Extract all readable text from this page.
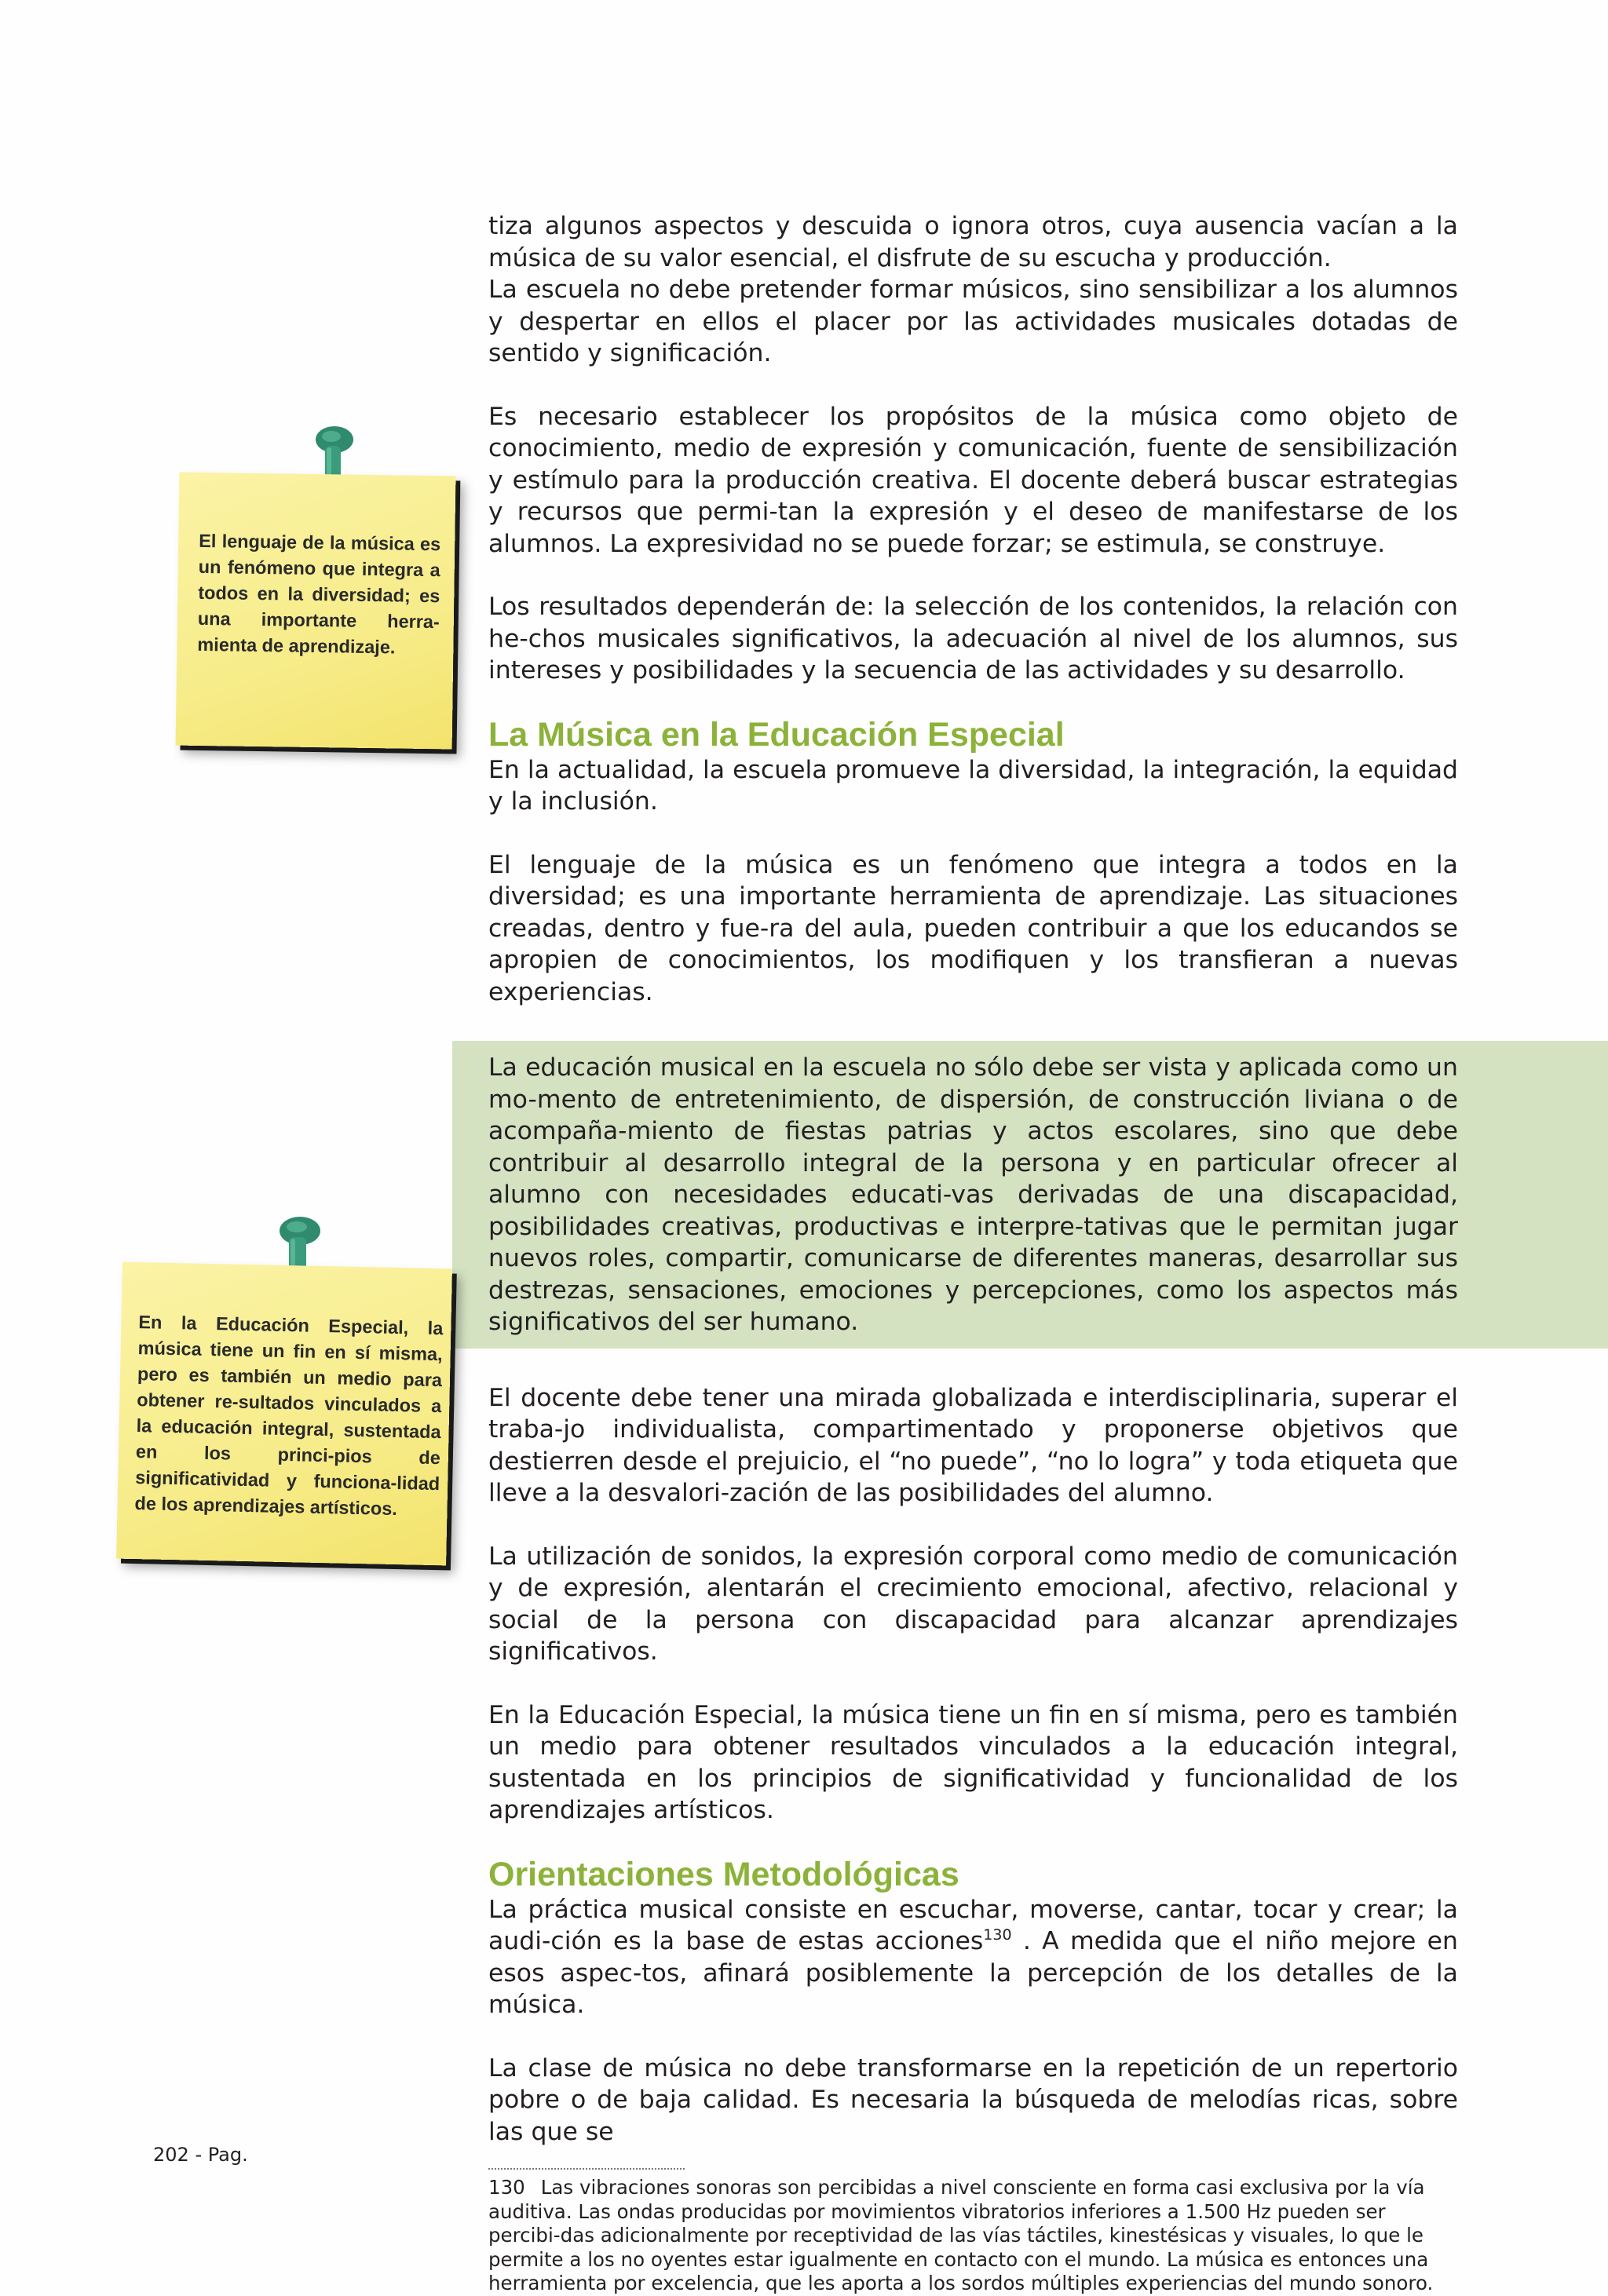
El lenguaje de la música es un fenómeno que integra a todos en la diversidad; es una importante herra-mienta de aprendizaje.
En la Educación Especial, la música tiene un fin en sí misma, pero es también un medio para obtener re-sultados vinculados a la educación integral, sustentada en los princi-pios de significatividad y funciona-lidad de los aprendizajes artísticos.

tiza algunos aspectos y descuida o ignora otros, cuya ausencia vacían a la música de su valor esencial, el disfrute de su escucha y producción.

La escuela no debe pretender formar músicos, sino sensibilizar a los alumnos y despertar en ellos el placer por las actividades musicales dotadas de sentido y significación.

Es necesario establecer los propósitos de la música como objeto de conocimiento, medio de expresión y comunicación, fuente de sensibilización y estímulo para la producción creativa. El docente deberá buscar estrategias y recursos que permi-tan la expresión y el deseo de manifestarse de los alumnos. La expresividad no se puede forzar; se estimula, se construye.

Los resultados dependerán de: la selección de los contenidos, la relación con he-chos musicales significativos, la adecuación al nivel de los alumnos, sus intereses y posibilidades y la secuencia de las actividades y su desarrollo.

La Música en la Educación Especial

En la actualidad, la escuela promueve la diversidad, la integración, la equidad y la inclusión.

El lenguaje de la música es un fenómeno que integra a todos en la diversidad; es una importante herramienta de aprendizaje. Las situaciones creadas, dentro y fue-ra del aula, pueden contribuir a que los educandos se apropien de conocimientos, los modifiquen y los transfieran a nuevas experiencias.

La educación musical en la escuela no sólo debe ser vista y aplicada como un mo-mento de entretenimiento, de dispersión, de construcción liviana o de acompaña-miento de fiestas patrias y actos escolares, sino que debe contribuir al desarrollo integral de la persona y en particular ofrecer al alumno con necesidades educati-vas derivadas de una discapacidad, posibilidades creativas, productivas e interpre-tativas que le permitan jugar nuevos roles, compartir, comunicarse de diferentes maneras, desarrollar sus destrezas, sensaciones, emociones y percepciones, como los aspectos más significativos del ser humano.

El docente debe tener una mirada globalizada e interdisciplinaria, superar el traba-jo individualista, compartimentado y proponerse objetivos que destierren desde el prejuicio, el “no puede”, “no lo logra” y toda etiqueta que lleve a la desvalori-zación de las posibilidades del alumno.

La utilización de sonidos, la expresión corporal como medio de comunicación y de expresión, alentarán el crecimiento emocional, afectivo, relacional y social de la persona con discapacidad para alcanzar aprendizajes significativos.

En la Educación Especial, la música tiene un fin en sí misma, pero es también un medio para obtener resultados vinculados a la educación integral, sustentada en los principios de significatividad y funcionalidad de los aprendizajes artísticos.

Orientaciones Metodológicas

La práctica musical consiste en escuchar, moverse, cantar, tocar y crear; la audi-ción es la base de estas acciones$^{130}$ . A medida que el niño mejore en esos aspec-tos, afinará posiblemente la percepción de los detalles de la música.

La clase de música no debe transformarse en la repetición de un repertorio pobre o de baja calidad. Es necesaria la búsqueda de melodías ricas, sobre las que se

130 Las vibraciones sonoras son percibidas a nivel consciente en forma casi exclusiva por la vía auditiva. Las ondas producidas por movimientos vibratorios inferiores a 1.500 Hz pueden ser percibi-das adicionalmente por receptividad de las vías táctiles, kinestésicas y visuales, lo que le permite a los no oyentes estar igualmente en contacto con el mundo. La música es entonces una herramienta por excelencia, que les aporta a los sordos múltiples experiencias del mundo sonoro.

202 - Pag.
